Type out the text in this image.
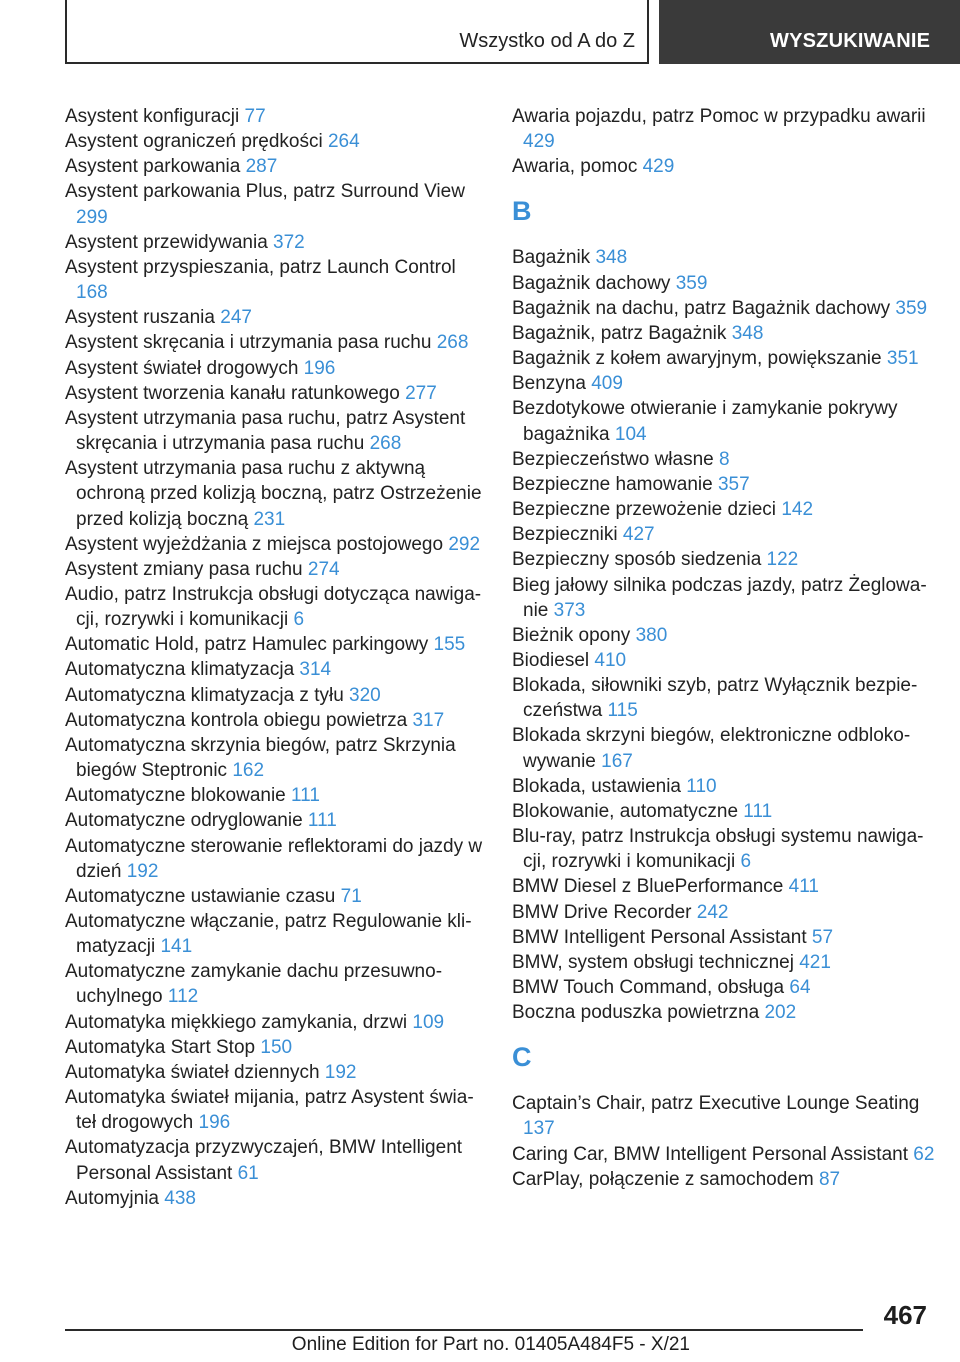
Wszystko od A do Z	WYSZUKIWANIE
Asystent konfiguracji 77
Asystent ograniczeń prędkości 264
Asystent parkowania 287
Asystent parkowania Plus, patrz Surround View 299
Asystent przewidywania 372
Asystent przyspieszania, patrz Launch Control 168
Asystent ruszania 247
Asystent skręcania i utrzymania pasa ruchu 268
Asystent świateł drogowych 196
Asystent tworzenia kanału ratunkowego 277
Asystent utrzymania pasa ruchu, patrz Asystent skręcania i utrzymania pasa ruchu 268
Asystent utrzymania pasa ruchu z aktywną ochroną przed kolizją boczną, patrz Ostrzeżenie przed kolizją boczną 231
Asystent wyjeżdżania z miejsca postojowego 292
Asystent zmiany pasa ruchu 274
Audio, patrz Instrukcja obsługi dotycząca nawigacji, rozrywki i komunikacji 6
Automatic Hold, patrz Hamulec parkingowy 155
Automatyczna klimatyzacja 314
Automatyczna klimatyzacja z tyłu 320
Automatyczna kontrola obiegu powietrza 317
Automatyczna skrzynia biegów, patrz Skrzynia biegów Steptronic 162
Automatyczne blokowanie 111
Automatyczne odryglowanie 111
Automatyczne sterowanie reflektorami do jazdy w dzień 192
Automatyczne ustawianie czasu 71
Automatyczne włączanie, patrz Regulowanie klimatyzacji 141
Automatyczne zamykanie dachu przesuwnouchylnego 112
Automatyka miękkiego zamykania, drzwi 109
Automatyka Start Stop 150
Automatyka świateł dziennych 192
Automatyka świateł mijania, patrz Asystent świateł drogowych 196
Automatyzacja przyzwyczajeń, BMW Intelligent Personal Assistant 61
Automyjnia 438
Awaria pojazdu, patrz Pomoc w przypadku awarii 429
Awaria, pomoc 429
B
Bagażnik 348
Bagażnik dachowy 359
Bagażnik na dachu, patrz Bagażnik dachowy 359
Bagażnik, patrz Bagażnik 348
Bagażnik z kołem awaryjnym, powiększanie 351
Benzyna 409
Bezdotykowe otwieranie i zamykanie pokrywy bagażnika 104
Bezpieczeństwo własne 8
Bezpieczne hamowanie 357
Bezpieczne przewożenie dzieci 142
Bezpieczniki 427
Bezpieczny sposób siedzenia 122
Bieg jałowy silnika podczas jazdy, patrz Żeglowanie 373
Bieżnik opony 380
Biodiesel 410
Blokada, siłowniki szyb, patrz Wyłącznik bezpieczeństwa 115
Blokada skrzyni biegów, elektroniczne odblokowywanie 167
Blokada, ustawienia 110
Blokowanie, automatyczne 111
Blu-ray, patrz Instrukcja obsługi systemu nawigacji, rozrywki i komunikacji 6
BMW Diesel z BluePerformance 411
BMW Drive Recorder 242
BMW Intelligent Personal Assistant 57
BMW, system obsługi technicznej 421
BMW Touch Command, obsługa 64
Boczna poduszka powietrzna 202
C
Captain’s Chair, patrz Executive Lounge Seating 137
Caring Car, BMW Intelligent Personal Assistant 62
CarPlay, połączenie z samochodem 87
467
Online Edition for Part no. 01405A484F5 - X/21
